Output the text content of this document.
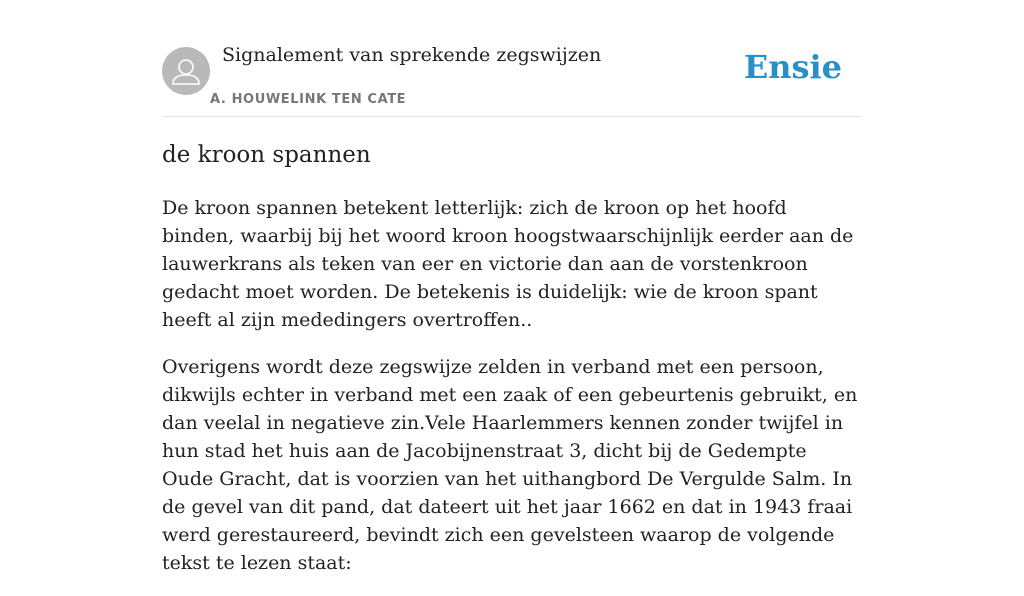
Signalement van sprekende zegswijzen
A. HOUWELINK TEN CATE
Ensie
de kroon spannen

De kroon spannen betekent letterlijk: zich de kroon op het hoofd binden, waarbij bij het woord kroon hoogstwaarschijnlijk eerder aan de lauwerkrans als teken van eer en victorie dan aan de vorstenkroon gedacht moet worden. De betekenis is duidelijk: wie de kroon spant heeft al zijn mededingers overtroffen..

Overigens wordt deze zegswijze zelden in verband met een persoon, dikwijls echter in verband met een zaak of een gebeurtenis gebruikt, en dan veelal in negatieve zin.Vele Haarlemmers kennen zonder twijfel in hun stad het huis aan de Jacobijnenstraat 3, dicht bij de Gedempte Oude Gracht, dat is voorzien van het uithangbord De Vergulde Salm. In de gevel van dit pand, dat dateert uit het jaar 1662 en dat in 1943 fraai werd gerestaureerd, bevindt zich een gevelsteen waarop de volgende tekst te lezen staat:
